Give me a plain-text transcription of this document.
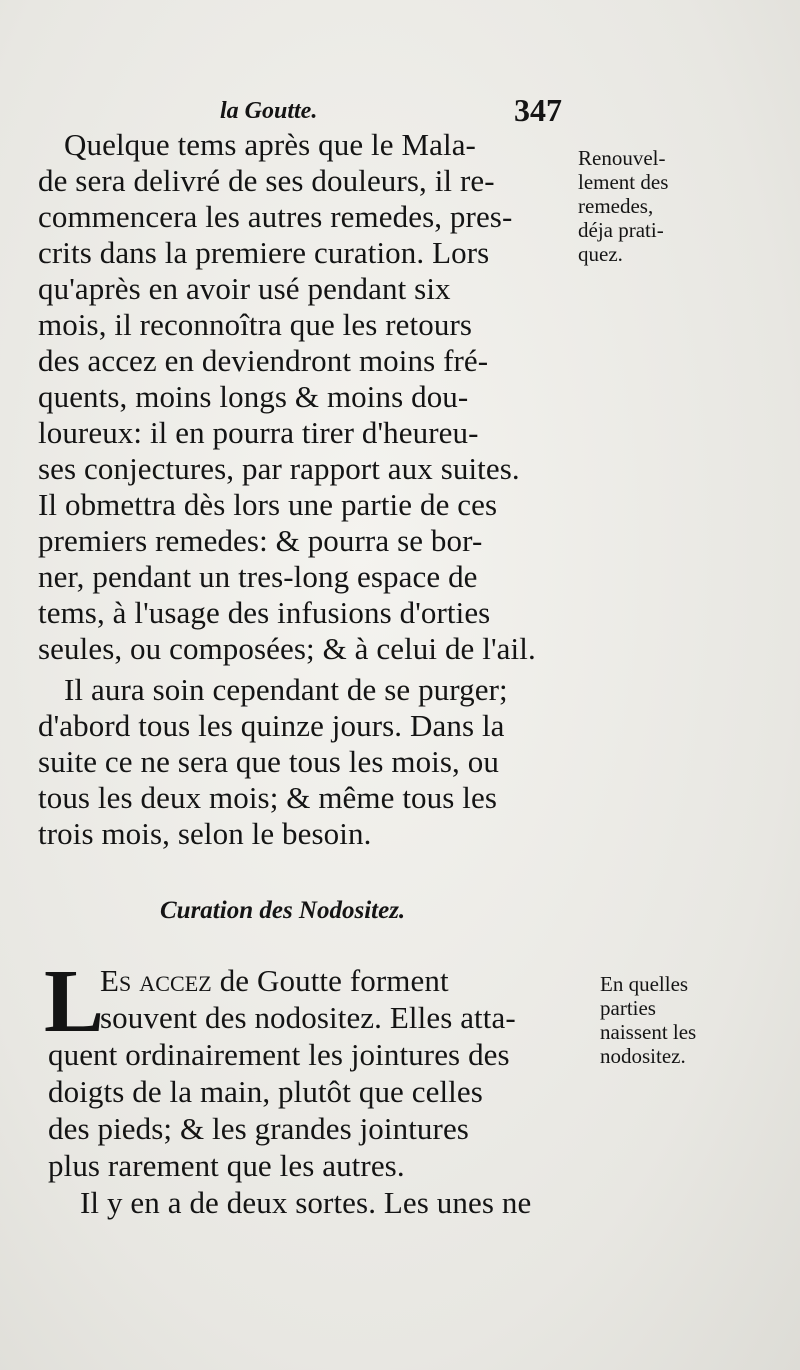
la Goutte.	347
Quelque tems après que le Mala-
de sera delivré de ses douleurs, il re-
commencera les autres remedes, pres-
crits dans la premiere curation. Lors
qu'après en avoir usé pendant six
mois, il reconnoîtra que les retours
des accez en deviendront moins fré-
quents, moins longs & moins dou-
loureux: il en pourra tirer d'heureu-
ses conjectures, par rapport aux suites.
Il obmettra dès lors une partie de ces
premiers remedes: & pourra se bor-
ner, pendant un tres-long espace de
tems, à l'usage des infusions d'orties
seules, ou composées; & à celui de l'ail.
Renouvel-
lement des
remedes,
déja prati-
quez.
Il aura soin cependant de se purger;
d'abord tous les quinze jours. Dans la
suite ce ne sera que tous les mois, ou
tous les deux mois; & même tous les
trois mois, selon le besoin.
Curation des Nodositez.
L
Es accez de Goutte forment
souvent des nodositez. Elles atta-
quent ordinairement les jointures des
doigts de la main, plutôt que celles
des pieds; & les grandes jointures
plus rarement que les autres.
Il y en a de deux sortes. Les unes ne
En quelles
parties
naissent les
nodositez.
